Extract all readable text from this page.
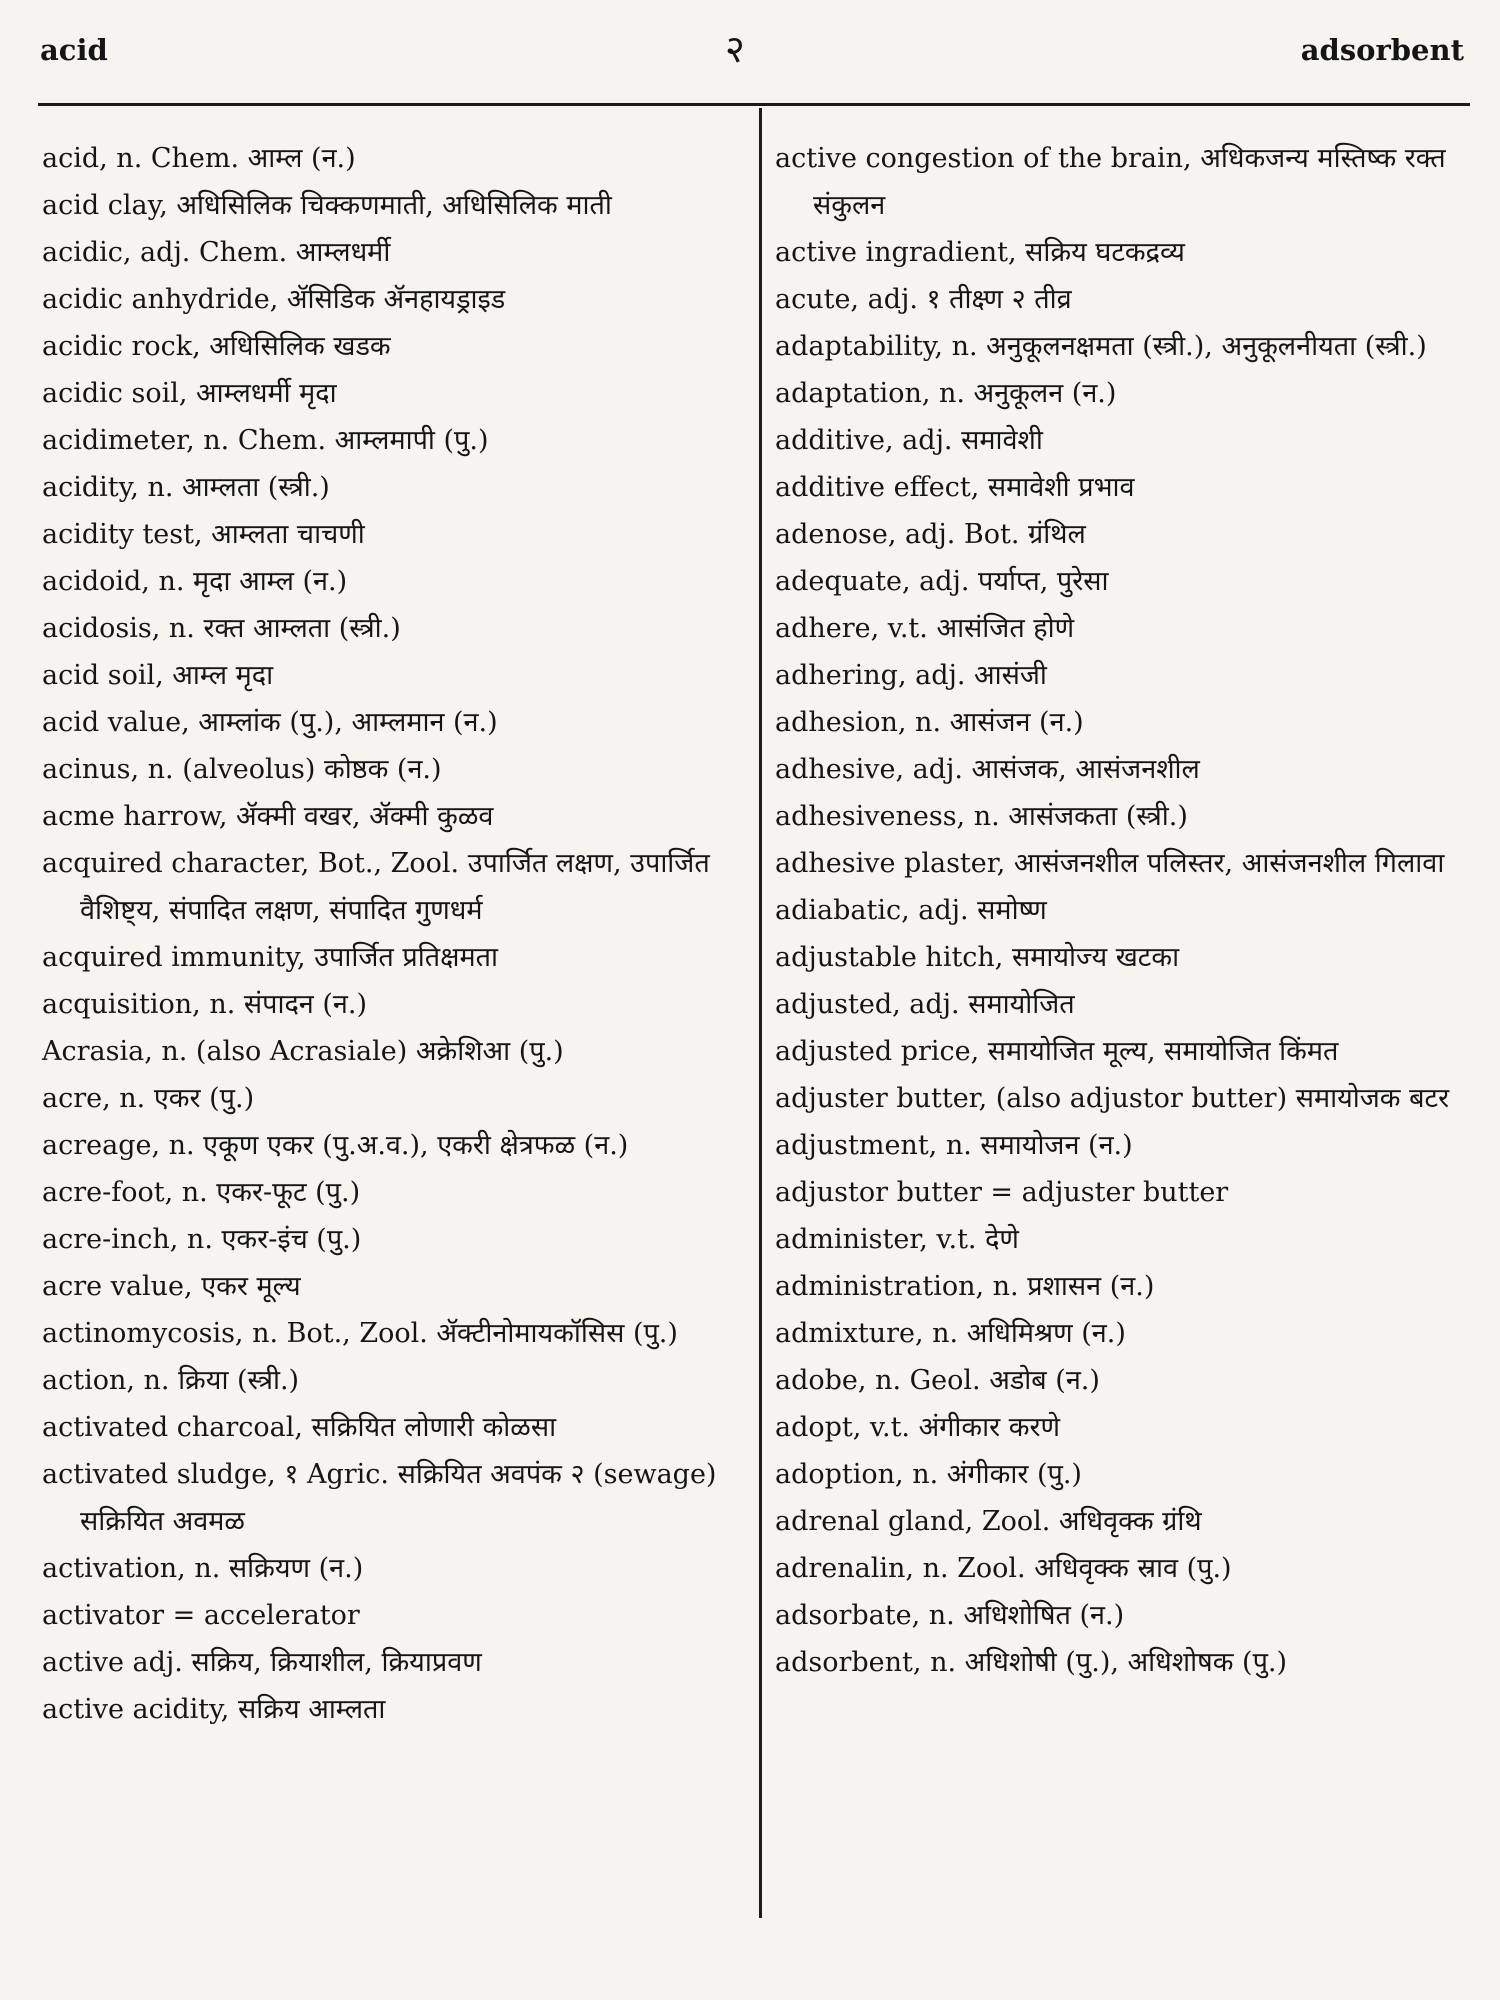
acid	२	adsorbent
acid, n. Chem. आम्ल (न.)
acid clay, अधिसिलिक चिक्कणमाती, अधिसिलिक माती
acidic, adj. Chem. आम्लधर्मी
acidic anhydride, ॲसिडिक ॲनहायड्राइड
acidic rock, अधिसिलिक खडक
acidic soil, आम्लधर्मी मृदा
acidimeter, n. Chem. आम्लमापी (पु.)
acidity, n. आम्लता (स्त्री.)
acidity test, आम्लता चाचणी
acidoid, n. मृदा आम्ल (न.)
acidosis, n. रक्त आम्लता (स्त्री.)
acid soil, आम्ल मृदा
acid value, आम्लांक (पु.), आम्लमान (न.)
acinus, n. (alveolus) कोष्ठक (न.)
acme harrow, ॲक्मी वखर, ॲक्मी कुळव
acquired character, Bot., Zool. उपार्जित लक्षण, उपार्जित वैशिष्ट्य, संपादित लक्षण, संपादित गुणधर्म
acquired immunity, उपार्जित प्रतिक्षमता
acquisition, n. संपादन (न.)
Acrasia, n. (also Acrasiale) अक्रेशिआ (पु.)
acre, n. एकर (पु.)
acreage, n. एकूण एकर (पु.अ.व.), एकरी क्षेत्रफळ (न.)
acre-foot, n. एकर-फूट (पु.)
acre-inch, n. एकर-इंच (पु.)
acre value, एकर मूल्य
actinomycosis, n. Bot., Zool. ॲक्टीनोमायकॉसिस (पु.)
action, n. क्रिया (स्त्री.)
activated charcoal, सक्रियित लोणारी कोळसा
activated sludge, १ Agric. सक्रियित अवपंक २ (sewage) सक्रियित अवमळ
activation, n. सक्रियण (न.)
activator = accelerator
active adj. सक्रिय, क्रियाशील, क्रियाप्रवण
active acidity, सक्रिय आम्लता
active congestion of the brain, अधिकजन्य मस्तिष्क रक्त संकुलन
active ingradient, सक्रिय घटकद्रव्य
acute, adj. १ तीक्ष्ण २ तीव्र
adaptability, n. अनुकूलनक्षमता (स्त्री.), अनुकूलनीयता (स्त्री.)
adaptation, n. अनुकूलन (न.)
additive, adj. समावेशी
additive effect, समावेशी प्रभाव
adenose, adj. Bot. ग्रंथिल
adequate, adj. पर्याप्त, पुरेसा
adhere, v.t. आसंजित होणे
adhering, adj. आसंजी
adhesion, n. आसंजन (न.)
adhesive, adj. आसंजक, आसंजनशील
adhesiveness, n. आसंजकता (स्त्री.)
adhesive plaster, आसंजनशील पलिस्तर, आसंजनशील गिलावा
adiabatic, adj. समोष्ण
adjustable hitch, समायोज्य खटका
adjusted, adj. समायोजित
adjusted price, समायोजित मूल्य, समायोजित किंमत
adjuster butter, (also adjustor butter) समायोजक बटर
adjustment, n. समायोजन (न.)
adjustor butter = adjuster butter
administer, v.t. देणे
administration, n. प्रशासन (न.)
admixture, n. अधिमिश्रण (न.)
adobe, n. Geol. अडोब (न.)
adopt, v.t. अंगीकार करणे
adoption, n. अंगीकार (पु.)
adrenal gland, Zool. अधिवृक्क ग्रंथि
adrenalin, n. Zool. अधिवृक्क स्राव (पु.)
adsorbate, n. अधिशोषित (न.)
adsorbent, n. अधिशोषी (पु.), अधिशोषक (पु.)
